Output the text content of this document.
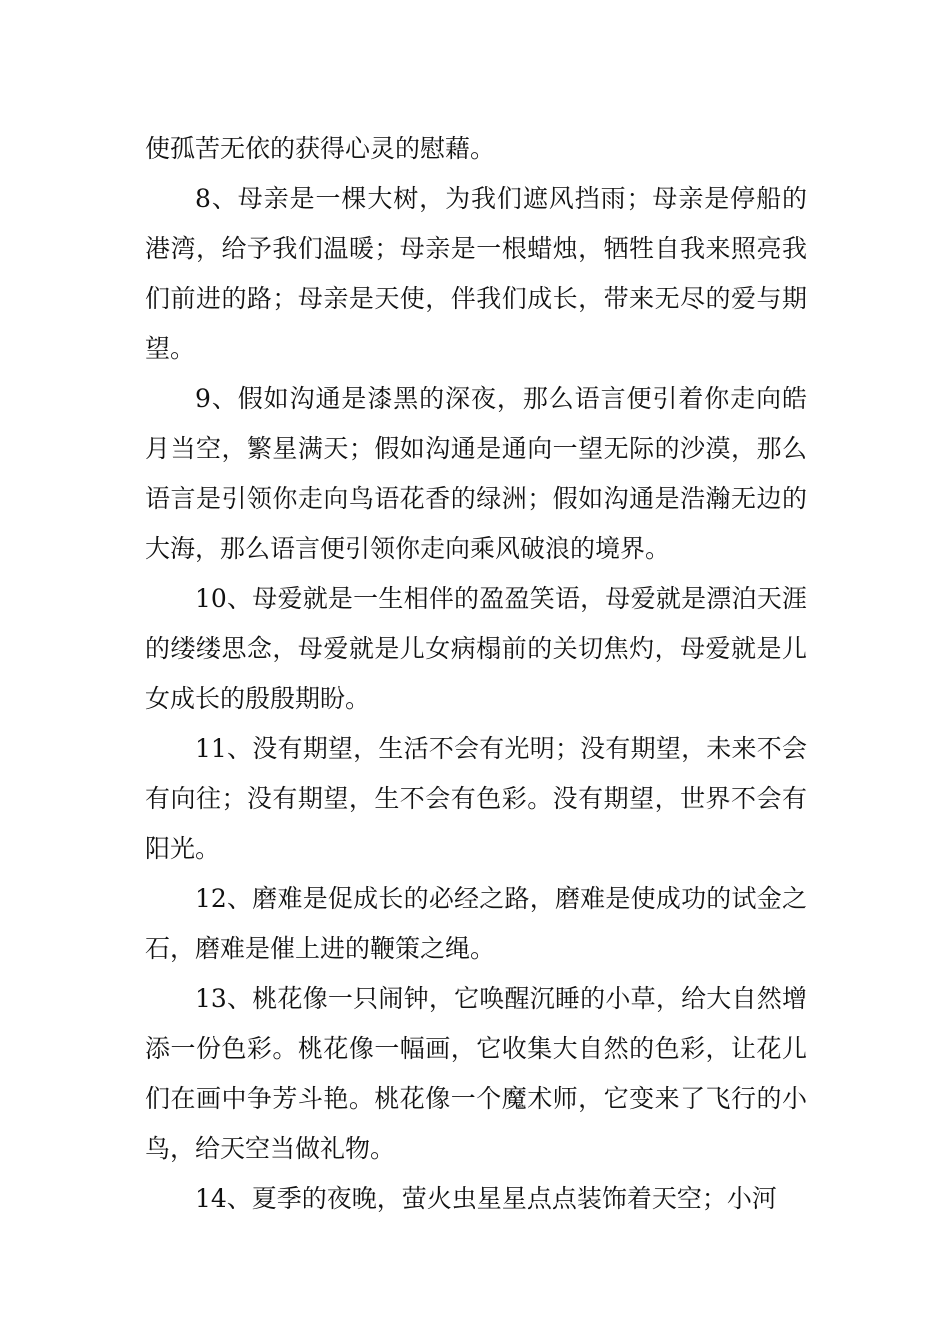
使孤苦无依的获得心灵的慰藉。

8、母亲是一棵大树，为我们遮风挡雨；母亲是停船的港湾，给予我们温暖；母亲是一根蜡烛，牺牲自我来照亮我们前进的路；母亲是天使，伴我们成长，带来无尽的爱与期望。

9、假如沟通是漆黑的深夜，那么语言便引着你走向皓月当空，繁星满天；假如沟通是通向一望无际的沙漠，那么语言是引领你走向鸟语花香的绿洲；假如沟通是浩瀚无边的大海，那么语言便引领你走向乘风破浪的境界。

10、母爱就是一生相伴的盈盈笑语，母爱就是漂泊天涯的缕缕思念，母爱就是儿女病榻前的关切焦灼，母爱就是儿女成长的殷殷期盼。

11、没有期望，生活不会有光明；没有期望，未来不会有向往；没有期望，生不会有色彩。没有期望，世界不会有阳光。

12、磨难是促成长的必经之路，磨难是使成功的试金之石，磨难是催上进的鞭策之绳。

13、桃花像一只闹钟，它唤醒沉睡的小草，给大自然增添一份色彩。桃花像一幅画，它收集大自然的色彩，让花儿们在画中争芳斗艳。桃花像一个魔术师，它变来了飞行的小鸟，给天空当做礼物。

14、夏季的夜晚，萤火虫星星点点装饰着天空；小河
